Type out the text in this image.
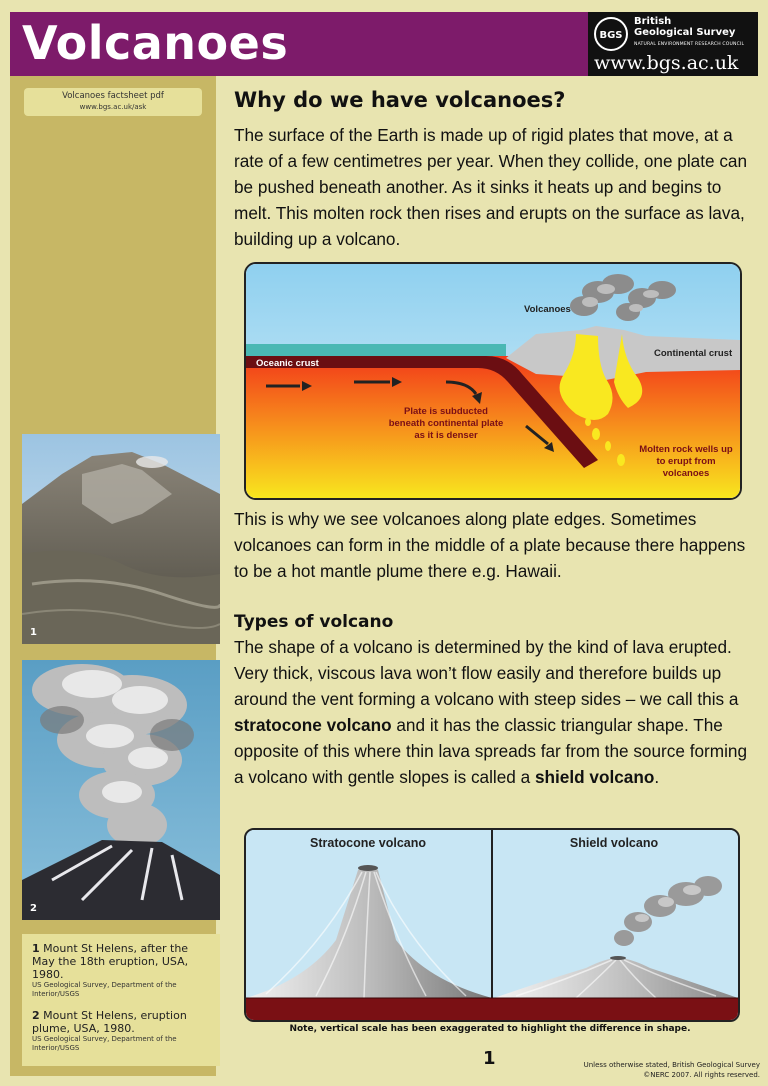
Volcanoes	BGS
British
Geological Survey
NATURAL ENVIRONMENT RESEARCH COUNCIL
www.bgs.ac.uk
Volcanoes factsheet pdf
www.bgs.ac.uk/ask
1
2
1 Mount St Helens, after the May the 18th eruption, USA, 1980.
US Geological Survey, Department of the Interior/USGS
2 Mount St Helens, eruption plume, USA, 1980.
US Geological Survey, Department of the Interior/USGS
Why do we have volcanoes?

The surface of the Earth is made up of rigid plates that move, at a rate of a few centimetres per year. When they collide, one plate can be pushed beneath another. As it sinks it heats up and begins to melt. This molten rock then rises and erupts on the surface as lava, building up a volcano.

This is why we see volcanoes along plate edges. Sometimes volcanoes can form in the middle of a plate because there happens to be a hot mantle plume there e.g. Hawaii.

Types of volcano

The shape of a volcano is determined by the kind of lava erupted. Very thick, viscous lava won’t flow easily and therefore builds up around the vent forming a volcano with steep sides – we call this a stratocone volcano and it has the classic triangular shape. The opposite of this where thin lava spreads far from the source forming a volcano with gentle slopes is called a shield volcano.

Volcanoes
Continental crust
Oceanic crust
Plate is subducted
beneath continental plate
as it is denser
Molten rock wells up
to erupt from
volcanoes
Stratocone volcano	Shield volcano
Note, vertical scale has been exaggerated to highlight the difference in shape.
1	Unless otherwise stated, British Geological Survey
©NERC 2007. All rights reserved.
